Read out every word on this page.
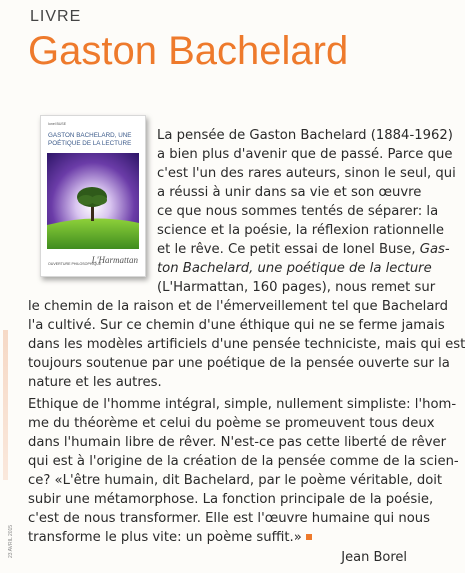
23 AVRIL 2015
LIVRE
Gaston Bachelard
Ionel BUSE
GASTON BACHELARD, UNE POÉTIQUE DE LA LECTURE
OUVERTURE PHILOSOPHIQUE
L'Harmattan

La pensée de Gaston Bachelard (1884-1962)

a bien plus d'avenir que de passé. Parce que

c'est l'un des rares auteurs, sinon le seul, qui

a réussi à unir dans sa vie et son œuvre

ce que nous sommes tentés de séparer: la

science et la poésie, la réflexion rationnelle

et le rêve. Ce petit essai de Ionel Buse, Gas-

ton Bachelard, une poétique de la lecture

(L'Harmattan, 160 pages), nous remet sur

le chemin de la raison et de l'émerveillement tel que Bachelard

l'a cultivé. Sur ce chemin d'une éthique qui ne se ferme jamais

dans les modèles artificiels d'une pensée techniciste, mais qui est

toujours soutenue par une poétique de la pensée ouverte sur la

nature et les autres.

Ethique de l'homme intégral, simple, nullement simpliste: l'hom-

me du théorème et celui du poème se promeuvent tous deux

dans l'humain libre de rêver. N'est-ce pas cette liberté de rêver

qui est à l'origine de la création de la pensée comme de la scien-

ce? «L'être humain, dit Bachelard, par le poème véritable, doit

subir une métamorphose. La fonction principale de la poésie,

c'est de nous transformer. Elle est l'œuvre humaine qui nous

transforme le plus vite: un poème suffit.»

Jean Borel
